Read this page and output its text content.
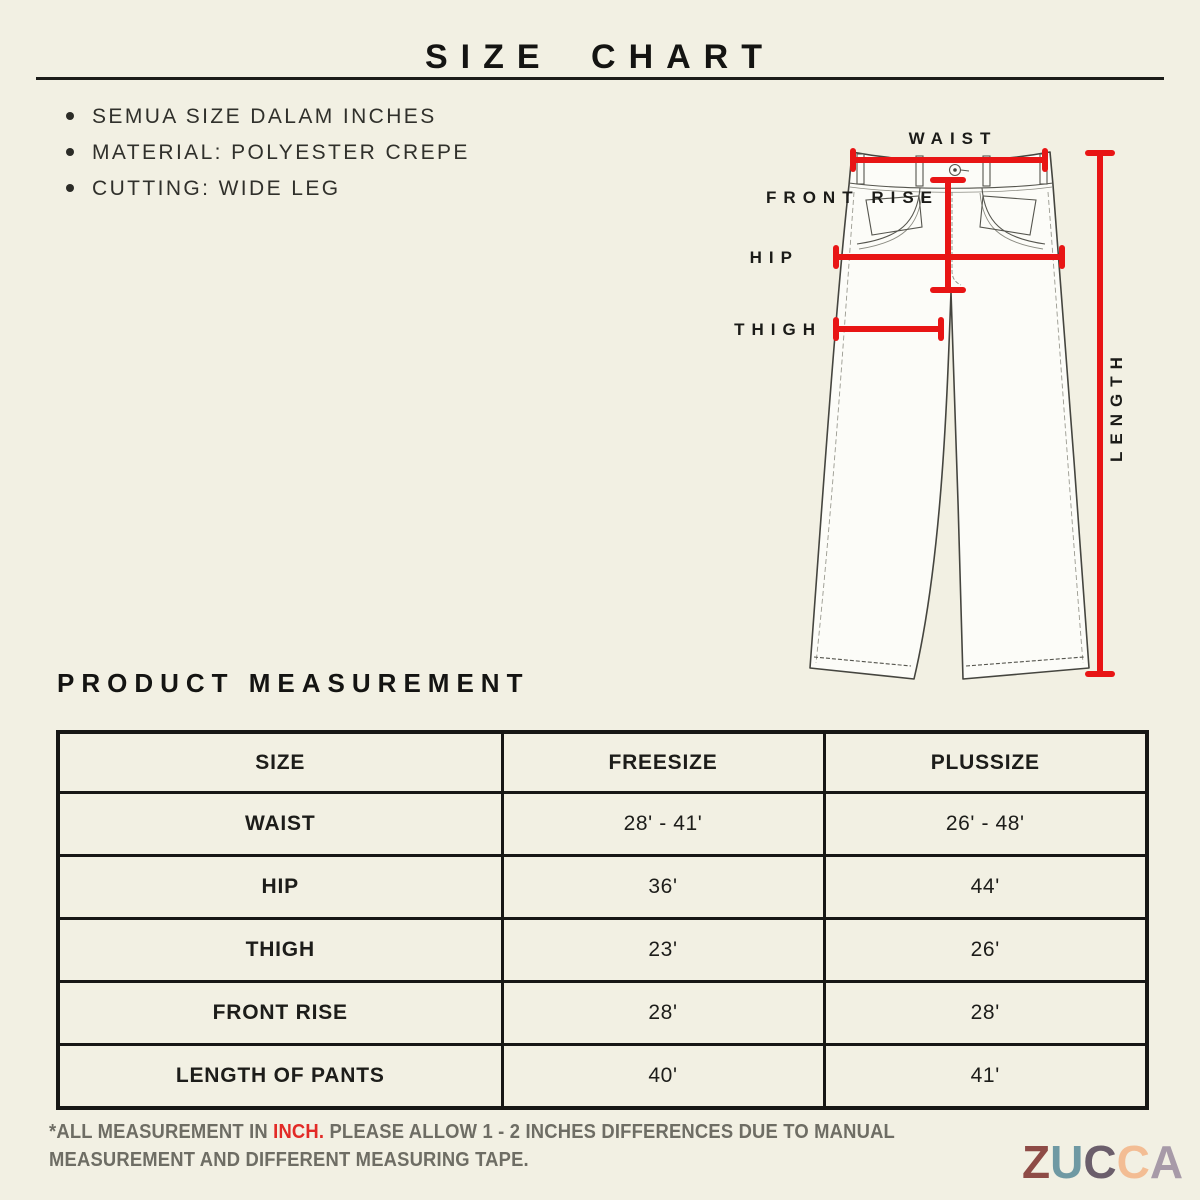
SIZE CHART
SEMUA SIZE DALAM INCHES
MATERIAL: POLYESTER CREPE
CUTTING: WIDE LEG
WAIST
FRONT RISE
HIP
THIGH
LENGTH
PRODUCT MEASUREMENT
SIZE	FREESIZE	PLUSSIZE
WAIST	28' - 41'	26' - 48'
HIP	36'	44'
THIGH	23'	26'
FRONT RISE	28'	28'
LENGTH OF PANTS	40'	41'
*ALL MEASUREMENT IN INCH. PLEASE ALLOW 1 - 2 INCHES DIFFERENCES DUE TO MANUAL
MEASUREMENT AND DIFFERENT MEASURING TAPE.	ZUCCA
